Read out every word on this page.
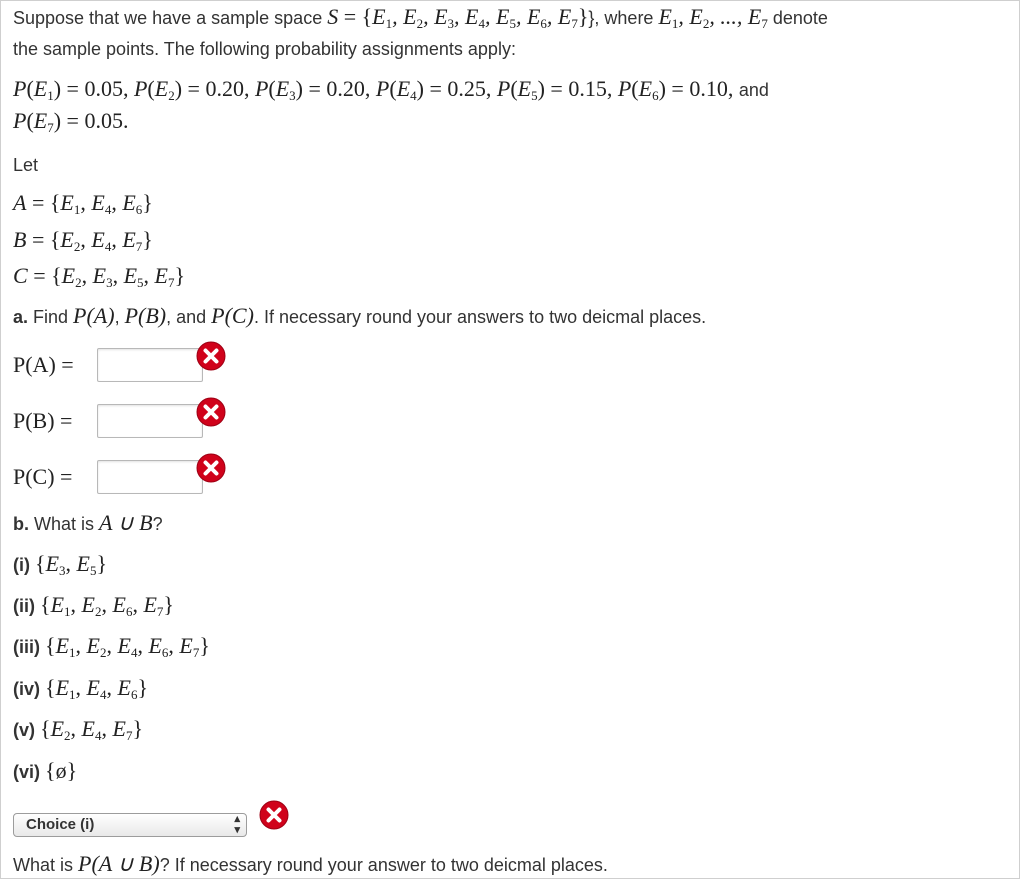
Suppose that we have a sample space $S = \{E_1$, $E_2$, $E_3$, $E_4$, $E_5$, $E_6$, $E_7$}}, where $E_1$, $E_2$, ..., $E_7$ denote
the sample points. The following probability assignments apply:
$P(E_1) = 0.05$, $P(E_2) = 0.20$, $P(E_3) = 0.20$, $P(E_4) = 0.25$, $P(E_5) = 0.15$, $P(E_6) = 0.10$, and
$P(E_7) = 0.05$.
Let
$A = \{E_1$, $E_4$, $E_6$}
$B = \{E_2$, $E_4$, $E_7$}
$C = \{E_2$, $E_3$, $E_5$, $E_7$}
a. Find P(A), P(B), and P(C). If necessary round your answers to two deicmal places.
P(A) =
P(B) =
P(C) =
b. What is A ∪ B?
(i) {$E_3$, $E_5$}
(ii) {$E_1$, $E_2$, $E_6$, $E_7$}
(iii) {$E_1$, $E_2$, $E_4$, $E_6$, $E_7$}
(iv) {$E_1$, $E_4$, $E_6$}
(v) {$E_2$, $E_4$, $E_7$}
(vi) {ø}
Choice (i)	▴
▾
What is P(A ∪ B)? If necessary round your answer to two deicmal places.
